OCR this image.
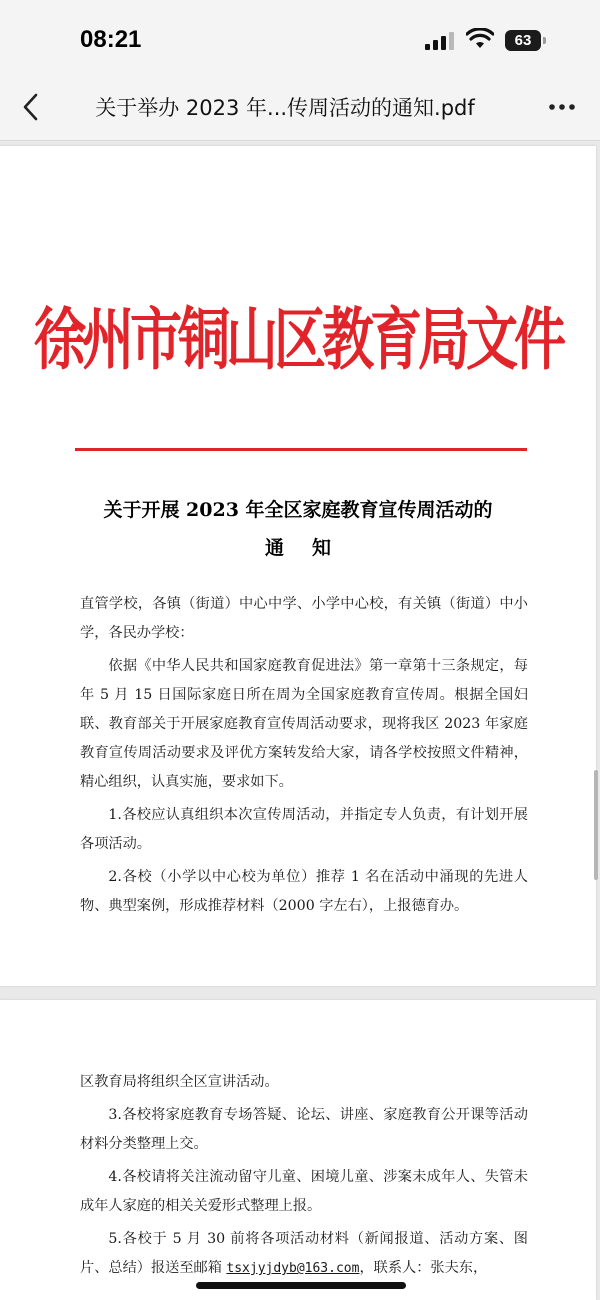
08:21	63
关于举办 2023 年...传周活动的通知.pdf
徐州市铜山区教育局文件
关于开展 2023 年全区家庭教育宣传周活动的
通知

直管学校，各镇（街道）中心中学、小学中心校，有关镇（街道）中小学，各民办学校：

依据《中华人民共和国家庭教育促进法》第一章第十三条规定，每年 5 月 15 日国际家庭日所在周为全国家庭教育宣传周。根据全国妇联、教育部关于开展家庭教育宣传周活动要求，现将我区 2023 年家庭教育宣传周活动要求及评优方案转发给大家，请各学校按照文件精神，精心组织，认真实施，要求如下。

1.各校应认真组织本次宣传周活动，并指定专人负责，有计划开展各项活动。

2.各校（小学以中心校为单位）推荐 1 名在活动中涌现的先进人物、典型案例，形成推荐材料（2000 字左右），上报德育办。

区教育局将组织全区宣讲活动。

3.各校将家庭教育专场答疑、论坛、讲座、家庭教育公开课等活动材料分类整理上交。

4.各校请将关注流动留守儿童、困境儿童、涉案未成年人、失管未成年人家庭的相关关爱形式整理上报。

5.各校于 5 月 30 前将各项活动材料（新闻报道、活动方案、图片、总结）报送至邮箱 tsxjyjdyb@163.com，联系人：张夫东，
